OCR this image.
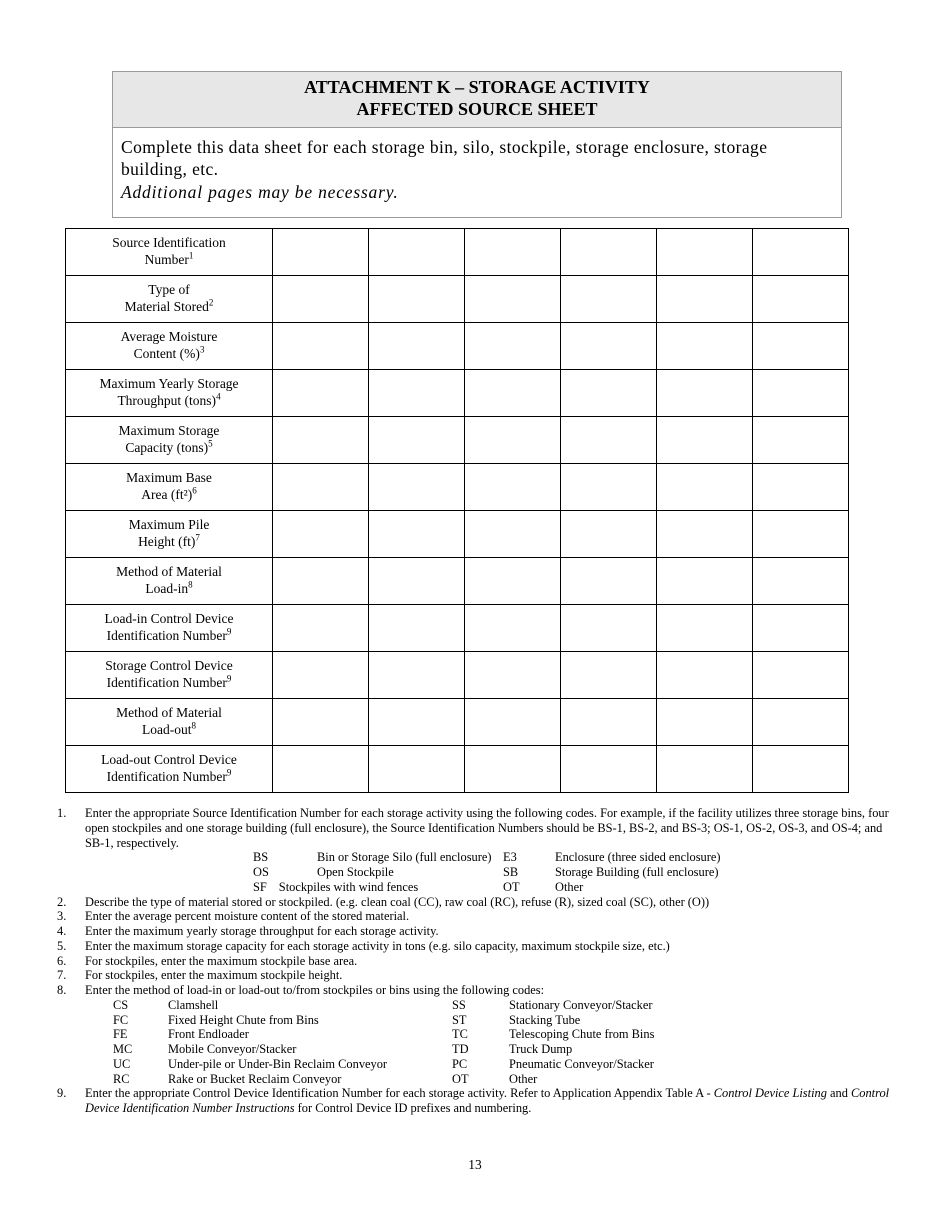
ATTACHMENT K – STORAGE ACTIVITY
AFFECTED SOURCE SHEET
Complete this data sheet for each storage bin, silo, stockpile, storage enclosure, storage building, etc.
Additional pages may be necessary.
Source Identification
Number$^1$						
Type of
Material Stored$^2$						
Average Moisture
Content (%)$^3$						
Maximum Yearly Storage
Throughput (tons)$^4$						
Maximum Storage
Capacity (tons)$^5$						
Maximum Base
Area $(ft^2)^6$						
Maximum Pile
Height (ft)$^7$						
Method of Material
Load-$in^8$						
Load-in Control Device
Identification Number$^9$						
Storage Control Device
Identification Number$^9$						
Method of Material
Load-out$^8$						
Load-out Control Device
Identification Number$^9$						
1.	Enter the appropriate Source Identification Number for each storage activity using the following codes. For example, if the facility utilizes three storage bins, four open stockpiles and one storage building (full enclosure), the Source Identification Numbers should be BS-1, BS-2, and BS-3; OS-1, OS-2, OS-3, and OS-4; and SB-1, respectively.
BS	Bin or Storage Silo (full enclosure) E3	Enclosure (three sided enclosure)
OS	Open Stockpile	SB	Storage Building (full enclosure)
SF Stockpiles with wind fences	OT	Other
2.	Describe the type of material stored or stockpiled. (e.g. clean coal (CC), raw coal (RC), refuse (R), sized coal (SC), other (O))
3.	Enter the average percent moisture content of the stored material.
4.	Enter the maximum yearly storage throughput for each storage activity.
5.	Enter the maximum storage capacity for each storage activity in tons (e.g. silo capacity, maximum stockpile size, etc.)
6.	For stockpiles, enter the maximum stockpile base area.
7.	For stockpiles, enter the maximum stockpile height.
8.	Enter the method of load-in or load-out to/from stockpiles or bins using the following codes:
CS	Clamshell	SS	Stationary Conveyor/Stacker
FC	Fixed Height Chute from Bins	ST	Stacking Tube
FE	Front Endloader	TC	Telescoping Chute from Bins
MC	Mobile Conveyor/Stacker	TD	Truck Dump
UC	Under-pile or Under-Bin Reclaim Conveyor	PC	Pneumatic Conveyor/Stacker
RC	Rake or Bucket Reclaim Conveyor	OT	Other
9.	Enter the appropriate Control Device Identification Number for each storage activity. Refer to Application Appendix Table A - Control Device Listing and Control Device Identification Number Instructions for Control Device ID prefixes and numbering.
13
